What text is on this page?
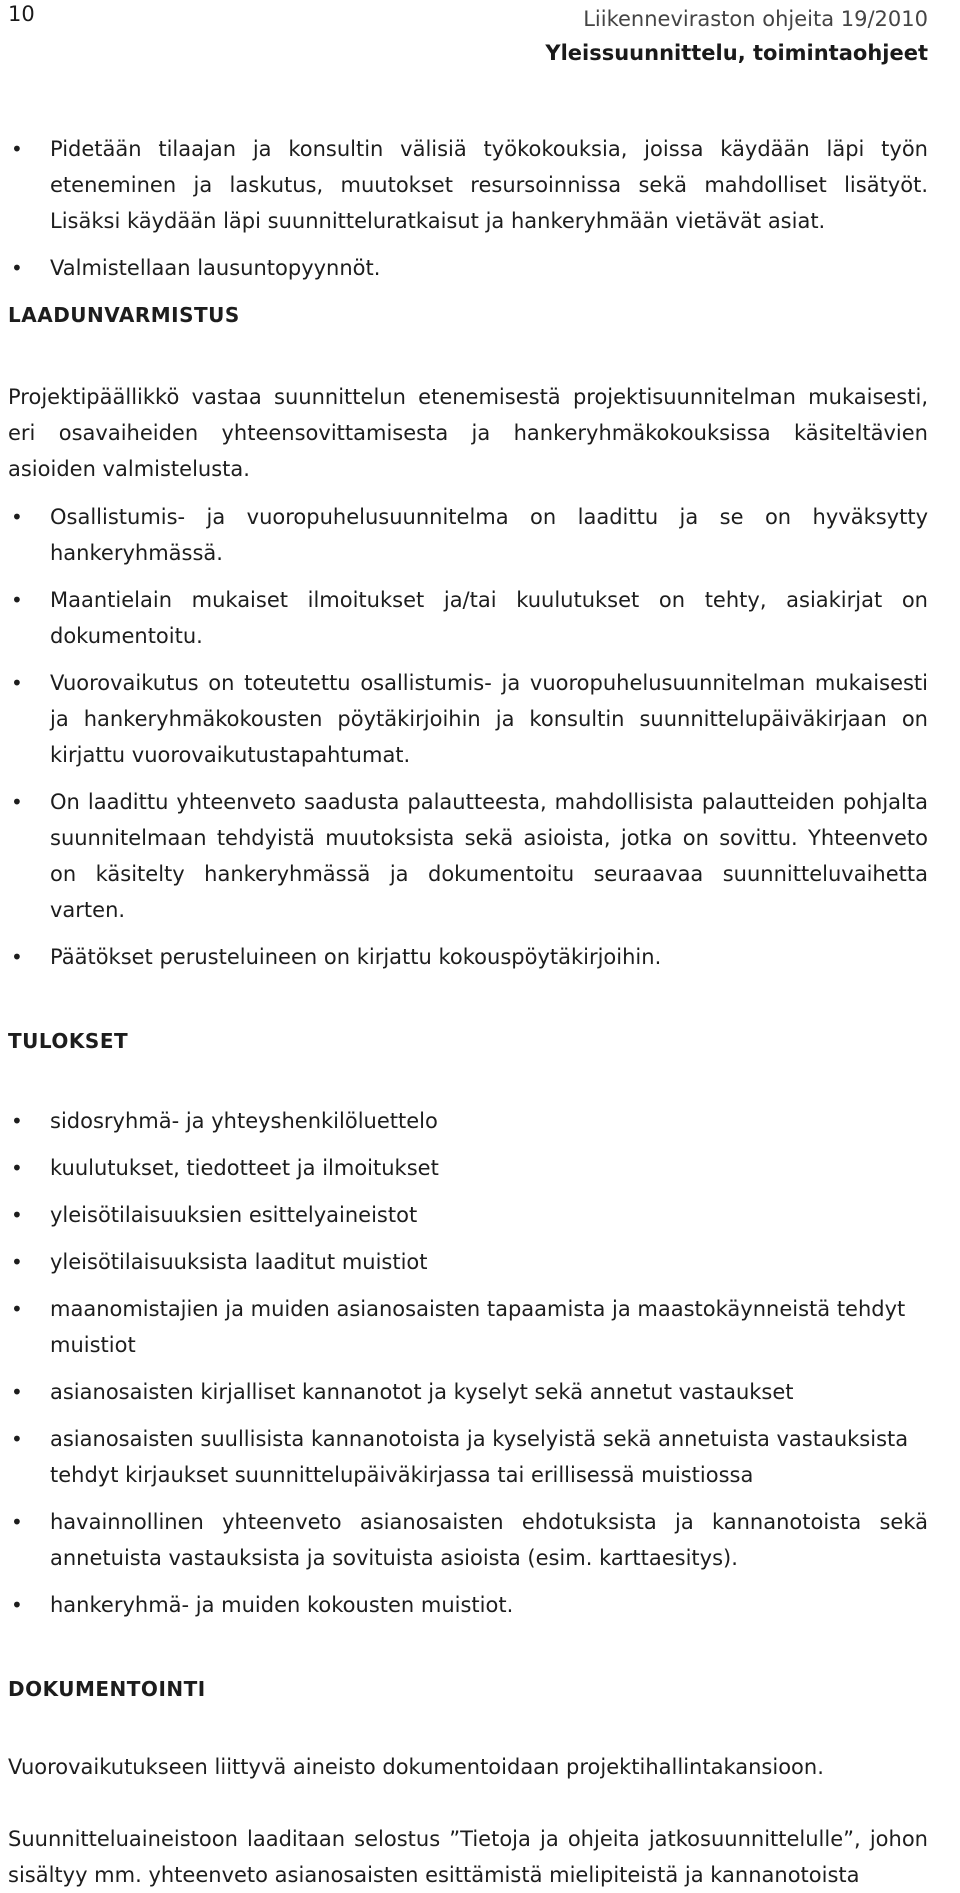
10	Liikenneviraston ohjeita 19/2010
Yleissuunnittelu, toimintaohjeet
• Pidetään tilaajan ja konsultin välisiä työkokouksia, joissa käydään läpi työn eteneminen ja laskutus, muutokset resursoinnissa sekä mahdolliset lisätyöt. Lisäksi käydään läpi suunnitteluratkaisut ja hankeryhmään vietävät asiat.
• Valmistellaan lausuntopyynnöt.
LAADUNVARMISTUS

Projektipäällikkö vastaa suunnittelun etenemisestä projektisuunnitelman mukaisesti, eri osavaiheiden yhteensovittamisesta ja hankeryhmäkokouksissa käsiteltävien asioiden valmistelusta.

• Osallistumis- ja vuoropuhelusuunnitelma on laadittu ja se on hyväksytty hankeryhmässä.
• Maantielain mukaiset ilmoitukset ja/tai kuulutukset on tehty, asiakirjat on dokumentoitu.
• Vuorovaikutus on toteutettu osallistumis- ja vuoropuhelusuunnitelman mukaisesti ja hankeryhmäkokousten pöytäkirjoihin ja konsultin suunnittelupäiväkirjaan on kirjattu vuorovaikutustapahtumat.
• On laadittu yhteenveto saadusta palautteesta, mahdollisista palautteiden pohjalta suunnitelmaan tehdyistä muutoksista sekä asioista, jotka on sovittu. Yhteenveto on käsitelty hankeryhmässä ja dokumentoitu seuraavaa suunnitteluvaihetta varten.
• Päätökset perusteluineen on kirjattu kokouspöytäkirjoihin.
TULOKSET
• sidosryhmä- ja yhteyshenkilöluettelo
• kuulutukset, tiedotteet ja ilmoitukset
• yleisötilaisuuksien esittelyaineistot
• yleisötilaisuuksista laaditut muistiot
• maanomistajien ja muiden asianosaisten tapaamista ja maastokäynneistä tehdyt muistiot
• asianosaisten kirjalliset kannanotot ja kyselyt sekä annetut vastaukset
• asianosaisten suullisista kannanotoista ja kyselyistä sekä annetuista vastauksista tehdyt kirjaukset suunnittelupäiväkirjassa tai erillisessä muistiossa
• havainnollinen yhteenveto asianosaisten ehdotuksista ja kannanotoista sekä annetuista vastauksista ja sovituista asioista (esim. karttaesitys).
• hankeryhmä- ja muiden kokousten muistiot.
DOKUMENTOINTI

Vuorovaikutukseen liittyvä aineisto dokumentoidaan projektihallintakansioon.

Suunnitteluaineistoon laaditaan selostus ”Tietoja ja ohjeita jatkosuunnittelulle”, johon sisältyy mm. yhteenveto asianosaisten esittämistä mielipiteistä ja kannanotoista
